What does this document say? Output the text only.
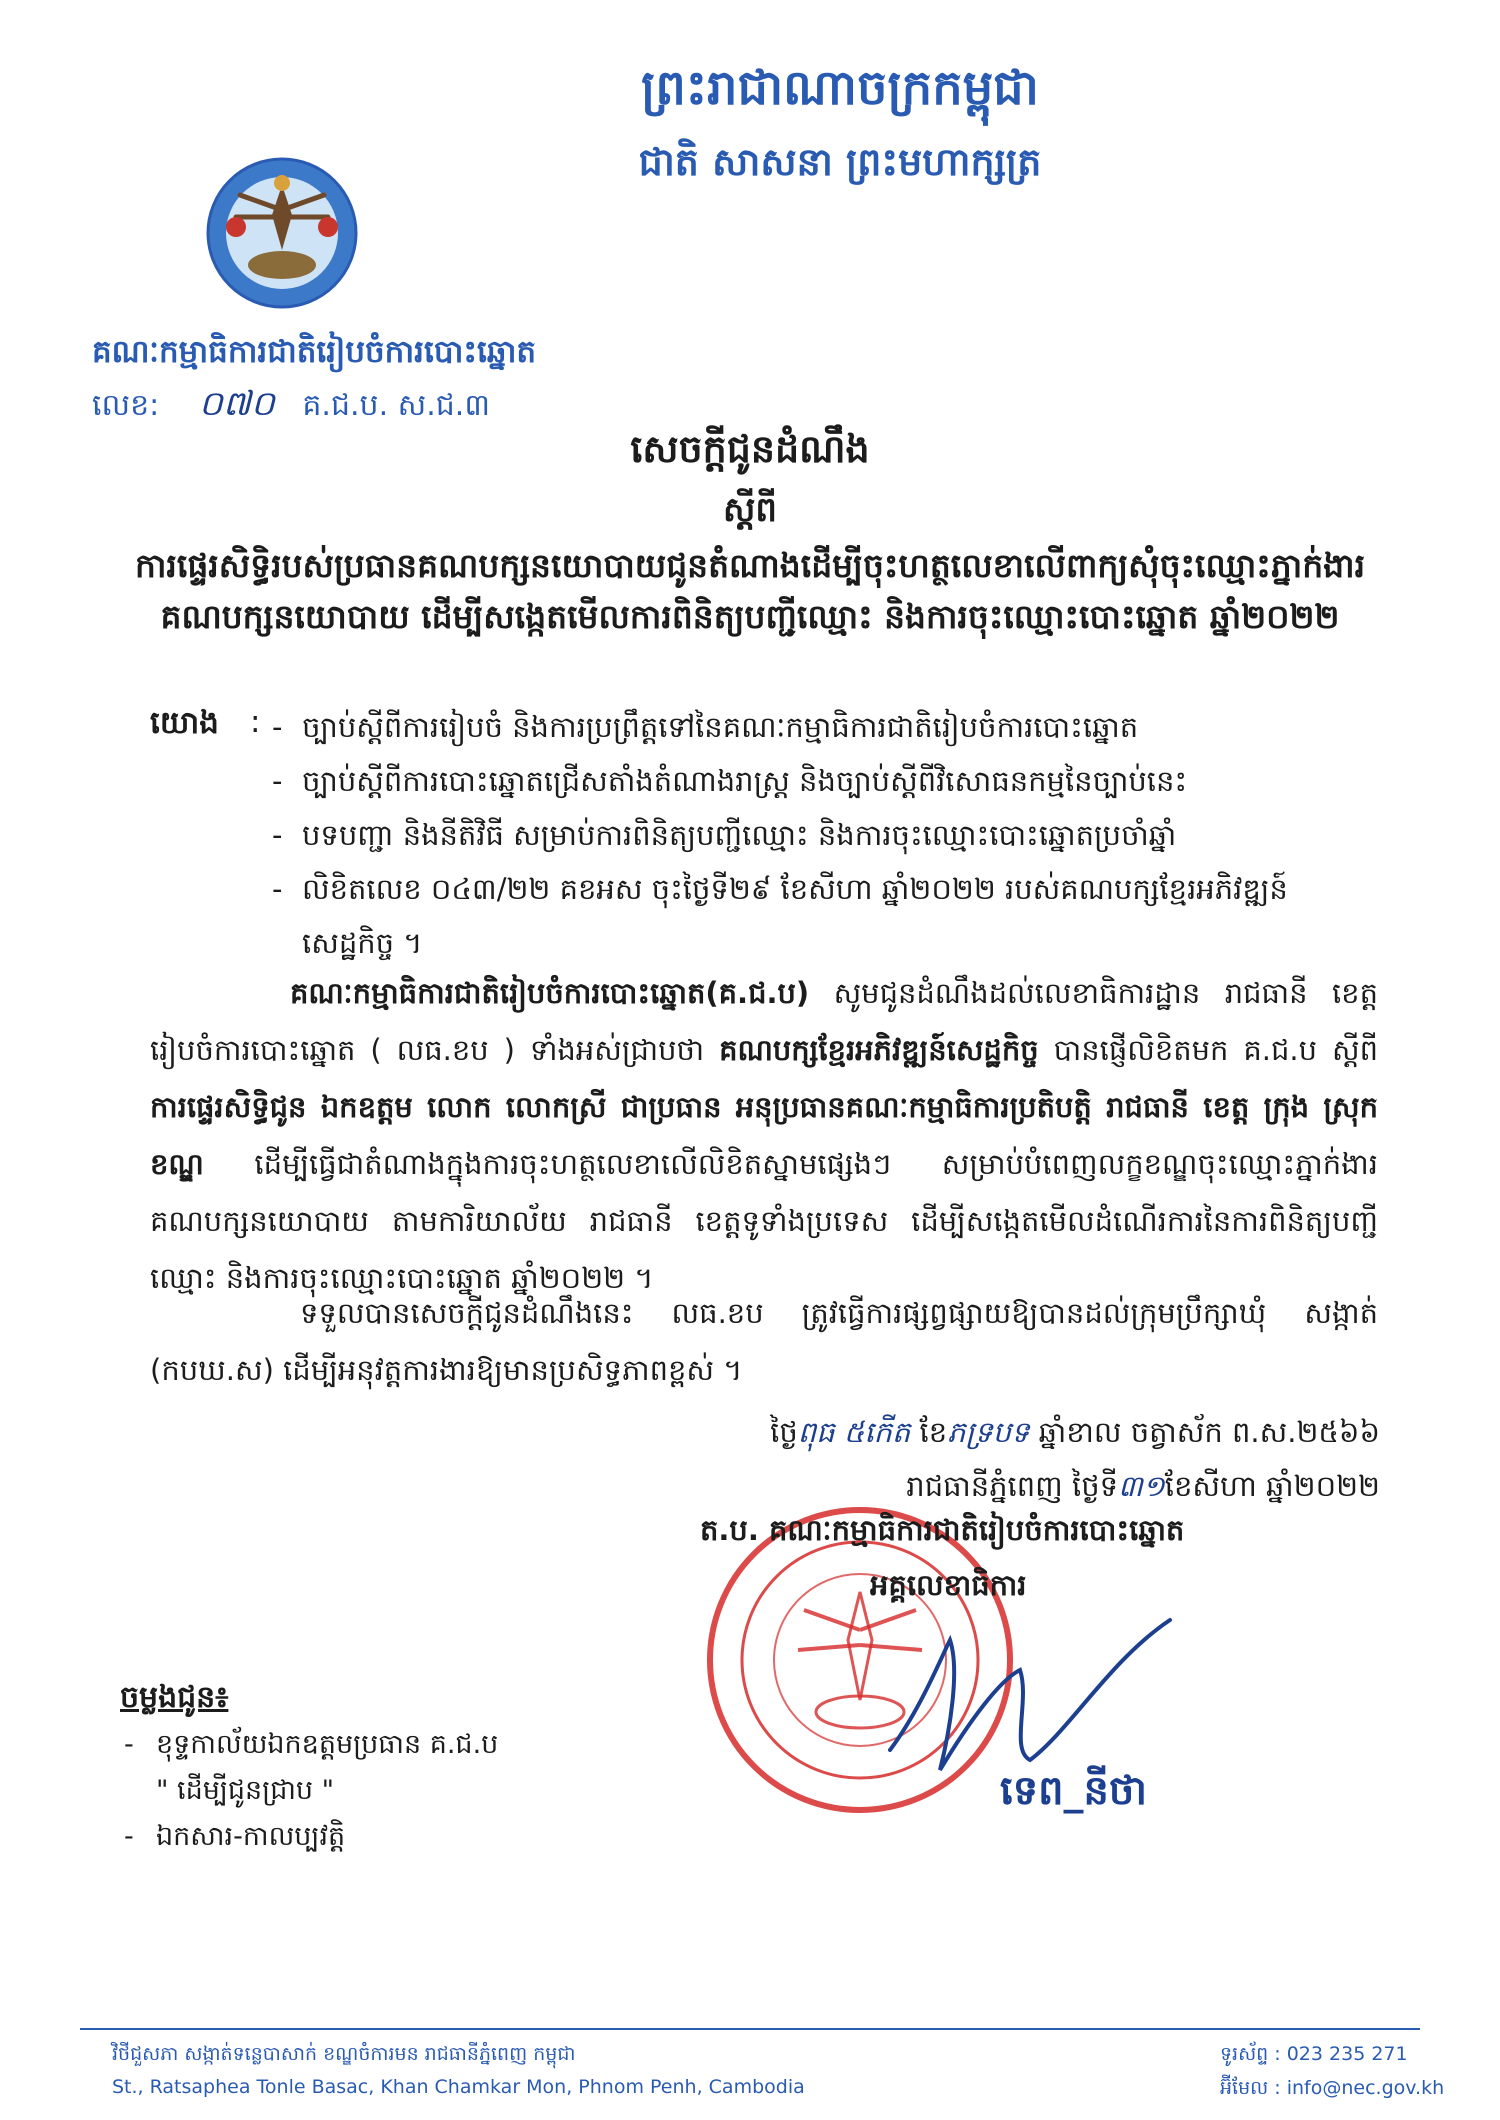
ព្រះរាជាណាចក្រកម្ពុជា
ជាតិ សាសនា ព្រះមហាក្សត្រ
គណៈកម្មាធិការជាតិរៀបចំការបោះឆ្នោត
លេខ: ០៧០ គ.ជ.ប. ស.ជ.៣
សេចក្ដីជូនដំណឹង
ស្ដីពី
ការផ្ទេរសិទ្ធិរបស់ប្រធានគណបក្សនយោបាយជូនតំណាងដើម្បីចុះហត្ថលេខាលើពាក្យសុំចុះឈ្មោះភ្នាក់ងារគណបក្សនយោបាយ ដើម្បីសង្កេតមើលការពិនិត្យបញ្ជីឈ្មោះ និងការចុះឈ្មោះបោះឆ្នោត ឆ្នាំ២០២២
យោង :
-	ច្បាប់ស្ដីពីការរៀបចំ និងការប្រព្រឹត្តទៅនៃគណៈកម្មាធិការជាតិរៀបចំការបោះឆ្នោត
- ច្បាប់ស្ដីពីការបោះឆ្នោតជ្រើសតាំងតំណាងរាស្ត្រ និងច្បាប់ស្ដីពីវិសោធនកម្មនៃច្បាប់នេះ
- បទបញ្ជា និងនីតិវិធី សម្រាប់ការពិនិត្យបញ្ជីឈ្មោះ និងការចុះឈ្មោះបោះឆ្នោតប្រចាំឆ្នាំ
- លិខិតលេខ ០៤៣/២២ គខអស ចុះថ្ងៃទី២៩ ខែសីហា ឆ្នាំ២០២២ របស់គណបក្សខ្មែរអភិវឌ្ឍន៍សេដ្ឋកិច្ច ។
គណៈកម្មាធិការជាតិរៀបចំការបោះឆ្នោត(គ.ជ.ប) សូមជូនដំណឹងដល់លេខាធិការដ្ឋាន រាជធានី ខេត្តរៀបចំការបោះឆ្នោត ( លធ.ខប ) ទាំងអស់ជ្រាបថា គណបក្សខ្មែរអភិវឌ្ឍន៍សេដ្ឋកិច្ច បានផ្ញើលិខិតមក គ.ជ.ប ស្ដីពី ការផ្ទេរសិទ្ធិជូន ឯកឧត្តម លោក លោកស្រី ជាប្រធាន អនុប្រធានគណៈកម្មាធិការប្រតិបត្តិ រាជធានី ខេត្ត ក្រុង ស្រុក ខណ្ឌ ដើម្បីធ្វើជាតំណាងក្នុងការចុះហត្ថលេខាលើលិខិតស្នាមផ្សេងៗ សម្រាប់បំពេញលក្ខខណ្ឌចុះឈ្មោះភ្នាក់ងារគណបក្សនយោបាយ តាមការិយាល័យ រាជធានី ខេត្តទូទាំងប្រទេស ដើម្បីសង្កេតមើលដំណើរការនៃការពិនិត្យបញ្ជីឈ្មោះ និងការចុះឈ្មោះបោះឆ្នោត ឆ្នាំ២០២២ ។
ទទួលបានសេចក្ដីជូនដំណឹងនេះ លធ.ខប ត្រូវធ្វើការផ្សព្វផ្សាយឱ្យបានដល់ក្រុមប្រឹក្សាឃុំ សង្កាត់ (កបឃ.ស) ដើម្បីអនុវត្តការងារឱ្យមានប្រសិទ្ធភាពខ្ពស់ ។
ថ្ងៃពុធ ៥កើត ខែភទ្របទ ឆ្នាំខាល ចត្វាស័ក ព.ស.២៥៦៦
រាជធានីភ្នំពេញ ថ្ងៃទី៣១ខែសីហា ឆ្នាំ២០២២
ត.ប. គណៈកម្មាធិការជាតិរៀបចំការបោះឆ្នោត
អគ្គលេខាធិការ
ទេព_នីថា
ចម្លងជូន៖
- ខុទ្ទកាល័យឯកឧត្តមប្រធាន គ.ជ.ប
" ដើម្បីជូនជ្រាប "
- ឯកសារ-កាលប្បវត្តិ
វិថីជួសភា សង្កាត់ទន្លេបាសាក់ ខណ្ឌចំការមន រាជធានីភ្នំពេញ កម្ពុជា
St., Ratsaphea Tonle Basac, Khan Chamkar Mon, Phnom Penh, Cambodia
ទូរស័ព្ទ : 023 235 271
អ៊ីមែល : info@nec.gov.kh
